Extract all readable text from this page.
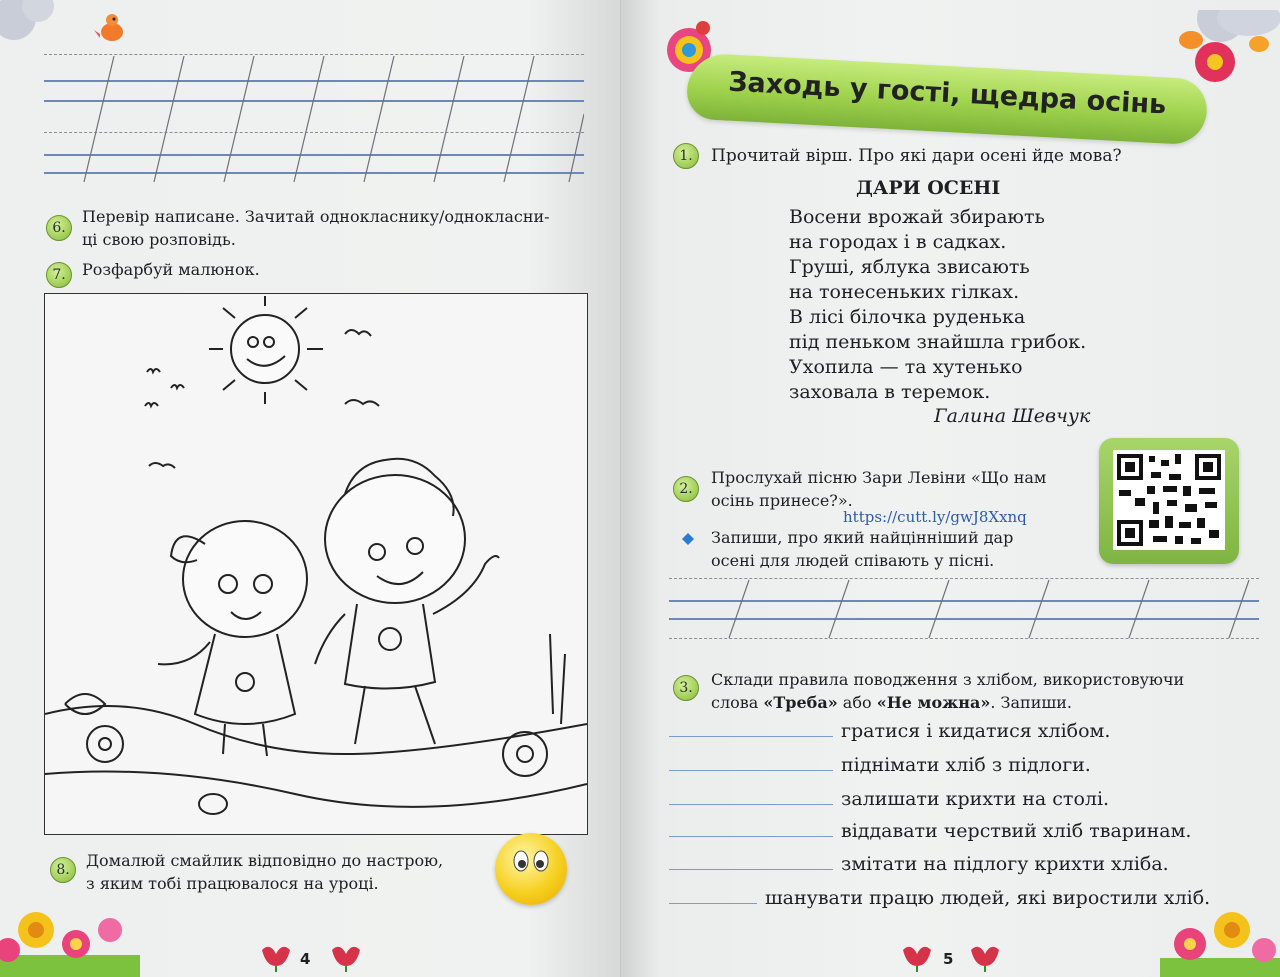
6.
Перевір написане. Зачитай однокласнику/однокласни-
ці свою розповідь.
7.	Розфарбуй малюнок.
8.	Домалюй смайлик відповідно до настрою,
з яким тобі працювалося на уроці.
4
Заходь у гості, щедра осінь
1.	Прочитай вірш. Про які дари осені йде мова?
ДАРИ ОСЕНІ
Восени врожай збирають
на городах і в садках.
Груші, яблука звисають
на тонесеньких гілках.
В лісі білочка руденька
під пеньком знайшла грибок.
Ухопила — та хутенько
заховала в теремок.
Галина Шевчук
2.
Прослухай пісню Зари Левіни «Що нам
осінь принесе?».
https://cutt.ly/gwJ8Xxnq
Запиши, про який найцінніший дар
осені для людей співають у пісні.
3.	Склади правила поводження з хлібом, використовуючи
слова «Треба» або «Не можна». Запиши.
гратися і кидатися хлібом.
піднімати хліб з підлоги.
залишати крихти на столі.
віддавати черствий хліб тваринам.
змітати на підлогу крихти хліба.
шанувати працю людей, які виростили хліб.
5
